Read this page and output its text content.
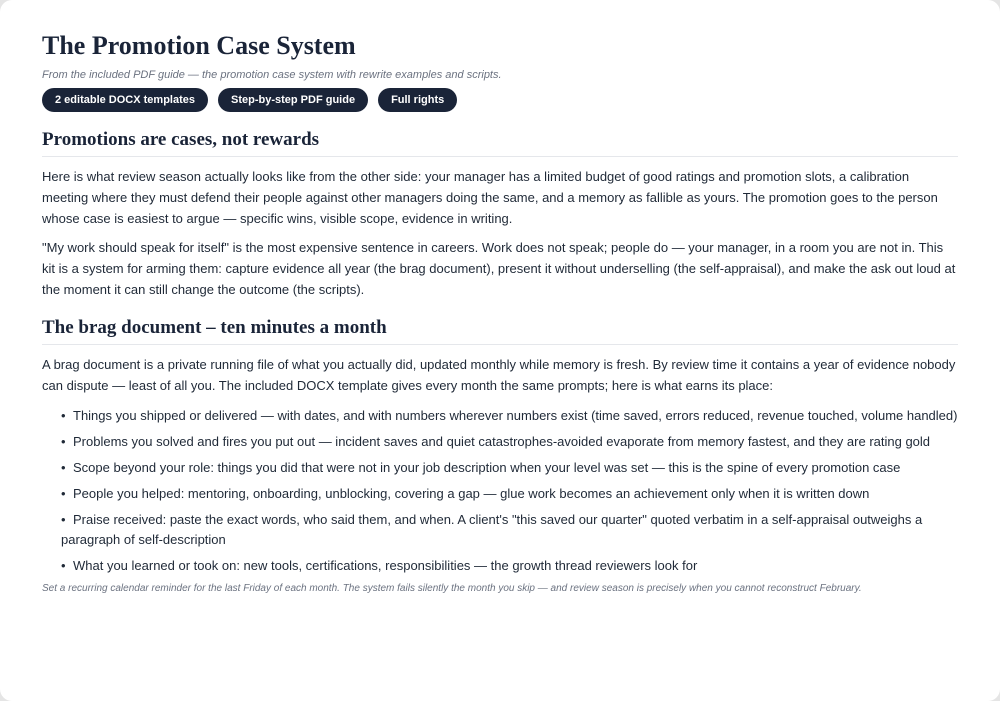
The Promotion Case System

From the included PDF guide — the promotion case system with rewrite examples and scripts.

2 editable DOCX templates	Step-by-step PDF guide	Full rights
Promotions are cases, not rewards

Here is what review season actually looks like from the other side: your manager has a limited budget of good ratings and promotion slots, a calibration meeting where they must defend their people against other managers doing the same, and a memory as fallible as yours. The promotion goes to the person whose case is easiest to argue — specific wins, visible scope, evidence in writing.

"My work should speak for itself" is the most expensive sentence in careers. Work does not speak; people do — your manager, in a room you are not in. This kit is a system for arming them: capture evidence all year (the brag document), present it without underselling (the self-appraisal), and make the ask out loud at the moment it can still change the outcome (the scripts).

The brag document – ten minutes a month

A brag document is a private running file of what you actually did, updated monthly while memory is fresh. By review time it contains a year of evidence nobody can dispute — least of all you. The included DOCX template gives every month the same prompts; here is what earns its place:

• Things you shipped or delivered — with dates, and with numbers wherever numbers exist (time saved, errors reduced, revenue touched, volume handled)
• Problems you solved and fires you put out — incident saves and quiet catastrophes-avoided evaporate from memory fastest, and they are rating gold
• Scope beyond your role: things you did that were not in your job description when your level was set — this is the spine of every promotion case
• People you helped: mentoring, onboarding, unblocking, covering a gap — glue work becomes an achievement only when it is written down
• Praise received: paste the exact words, who said them, and when. A client's "this saved our quarter" quoted verbatim in a self-appraisal outweighs a paragraph of self-description
• What you learned or took on: new tools, certifications, responsibilities — the growth thread reviewers look for

Set a recurring calendar reminder for the last Friday of each month. The system fails silently the month you skip — and review season is precisely when you cannot reconstruct February.
